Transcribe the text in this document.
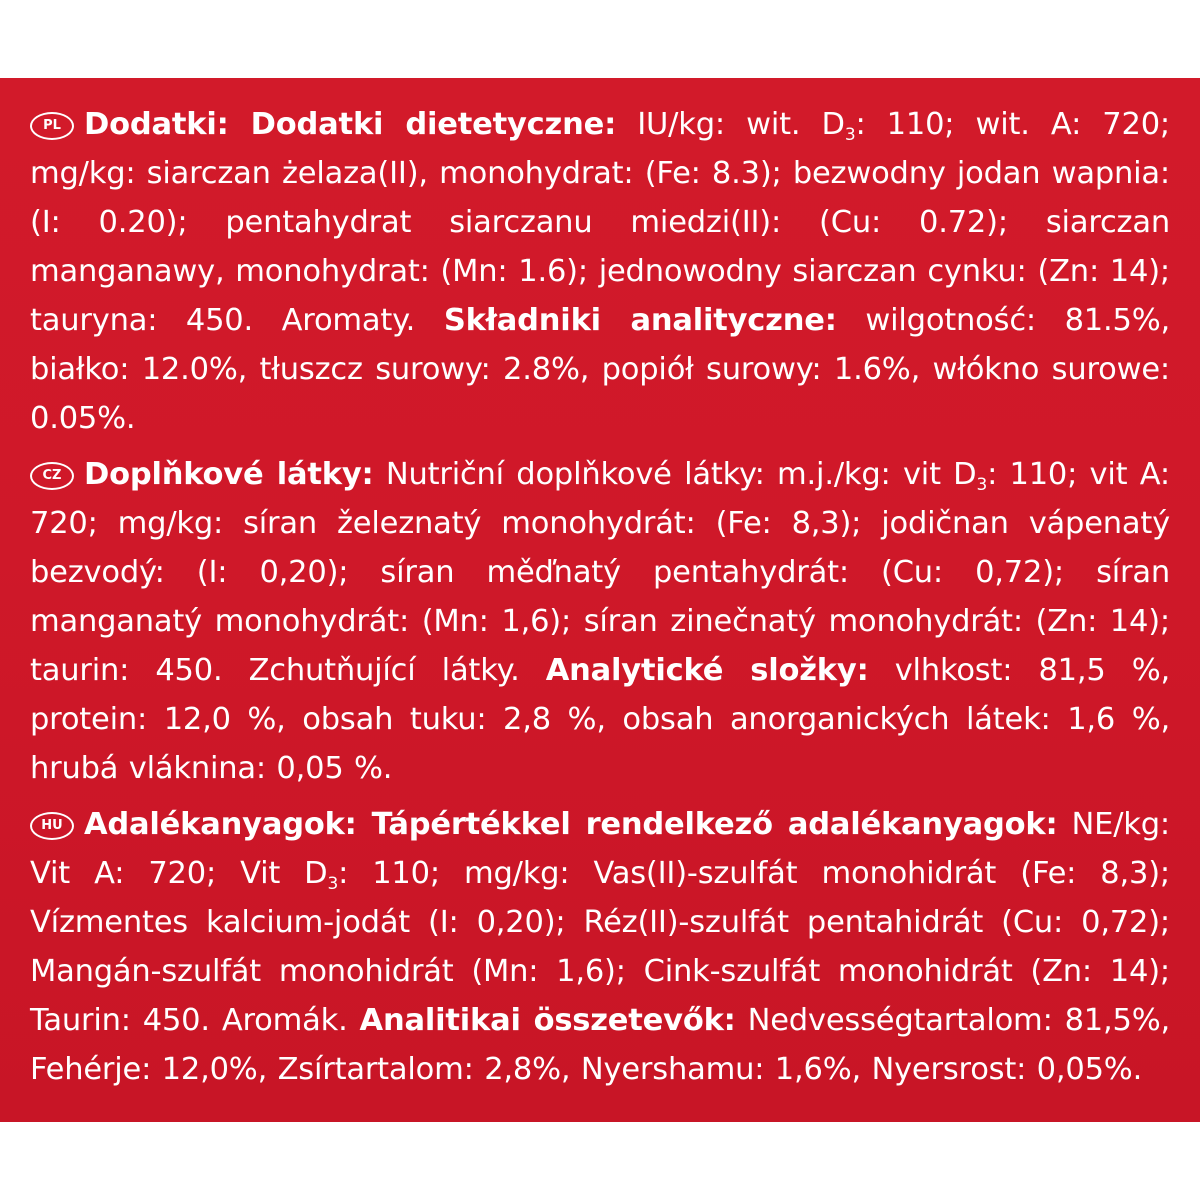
PL Dodatki: Dodatki dietetyczne: IU/kg: wit. $D_3$: 110; wit. A: 720; mg/kg: siarczan żelaza(II), monohydrat: (Fe: 8.3); bezwodny jodan wapnia: (I: 0.20); pentahydrat siarczanu miedzi(II): (Cu: 0.72); siarczan manganawy, monohydrat: (Mn: 1.6); jednowodny siarczan cynku: (Zn: 14); tauryna: 450. Aromaty. Składniki analityczne: wilgotność: 81.5%, białko: 12.0%, tłuszcz surowy: 2.8%, popiół surowy: 1.6%, włókno surowe: 0.05%.

CZ Doplňkové látky: Nutriční doplňkové látky: m.j./kg: vit $D_3$: 110; vit A: 720; mg/kg: síran železnatý monohydrát: (Fe: 8,3); jodičnan vápenatý bezvodý: (I: 0,20); síran měďnatý pentahydrát: (Cu: 0,72); síran manganatý monohydrát: (Mn: 1,6); síran zinečnatý monohydrát: (Zn: 14); taurin: 450. Zchutňující látky. Analytické složky: vlhkost: 81,5 %, protein: 12,0 %, obsah tuku: 2,8 %, obsah anorganických látek: 1,6 %, hrubá vláknina: 0,05 %.

HU Adalékanyagok: Tápértékkel rendelkező adalékanyagok: NE/kg: Vit A: 720; Vit $D_3$: 110; mg/kg: Vas(II)-szulfát monohidrát (Fe: 8,3); Vízmentes kalcium-jodát (I: 0,20); Réz(II)-szulfát pentahidrát (Cu: 0,72); Mangán-szulfát monohidrát (Mn: 1,6); Cink-szulfát monohidrát (Zn: 14); Taurin: 450. Aromák. Analitikai összetevők: Nedvességtartalom: 81,5%, Fehérje: 12,0%, Zsírtartalom: 2,8%, Nyershamu: 1,6%, Nyersrost: 0,05%.
